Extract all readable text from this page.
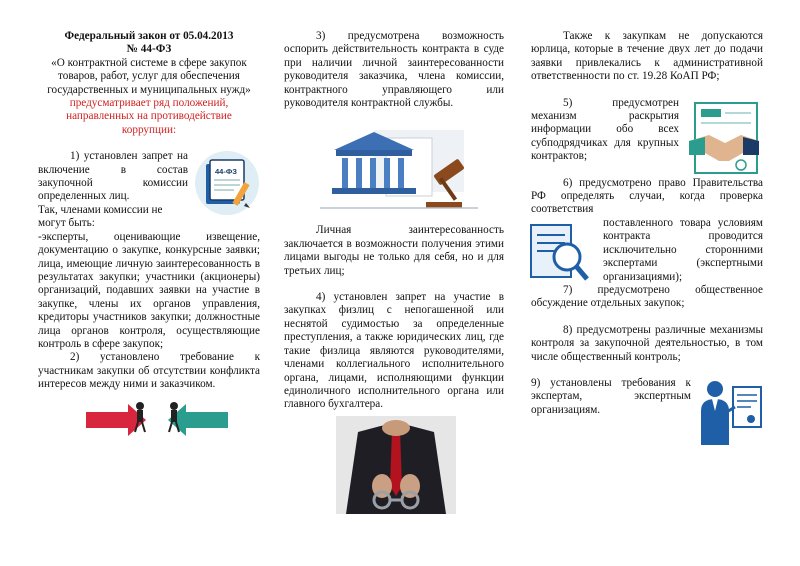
Федеральный закон от 05.04.2013

№ 44-ФЗ

«О контрактной системе в сфере закупок товаров, работ, услуг для обеспечения государственных и муниципальных нужд»

предусматривает ряд положений, направленных на противодействие коррупции:

44-ФЗ

1) установлен запрет на включение в состав закупочной комиссии определенных лиц.

Так, членами комиссии не могут быть:

-эксперты, оценивающие извещение, документацию о закупке, конкурсные заявки; лица, имеющие личную заинтересованность в результатах закупки; участники (акционеры) организаций, подавших заявки на участие в закупке, члены их органов управления, кредиторы участников закупки; должностные лица органов контроля, осуществляющие контроль в сфере закупок;

2) установлено требование к участникам закупки об отсутствии конфликта интересов между ними и заказчиком.

3) предусмотрена возможность оспорить действительность контракта в суде при наличии личной заинтересованности руководителя заказчика, члена комиссии, контрактного управляющего или руководителя контрактной службы.

Личная заинтересованность заключается в возможности получения этими лицами выгоды не только для себя, но и для третьих лиц;

4) установлен запрет на участие в закупках физлиц с непогашенной или неснятой судимостью за определенные преступления, а также юридических лиц, где такие физлица являются руководителями, членами коллегиального исполнительного органа, лицами, исполняющими функции единоличного исполнительного органа или главного бухгалтера.

Также к закупкам не допускаются юрлица, которые в течение двух лет до подачи заявки привлекались к административной ответственности по ст. 19.28 КоАП РФ;

5) предусмотрен механизм раскрытия информации обо всех субподрядчиках для крупных контрактов;

6) предусмотрено право Правительства РФ определять случаи, когда проверка соответствия

поставленного товара условиям контракта проводится исключительно сторонними экспертами (экспертными организациями);

7) предусмотрено общественное обсуждение отдельных закупок;

8) предусмотрены различные механизмы контроля за закупочной деятельностью, в том числе общественный контроль;

9) установлены требования к экспертам, экспертным организациям.
